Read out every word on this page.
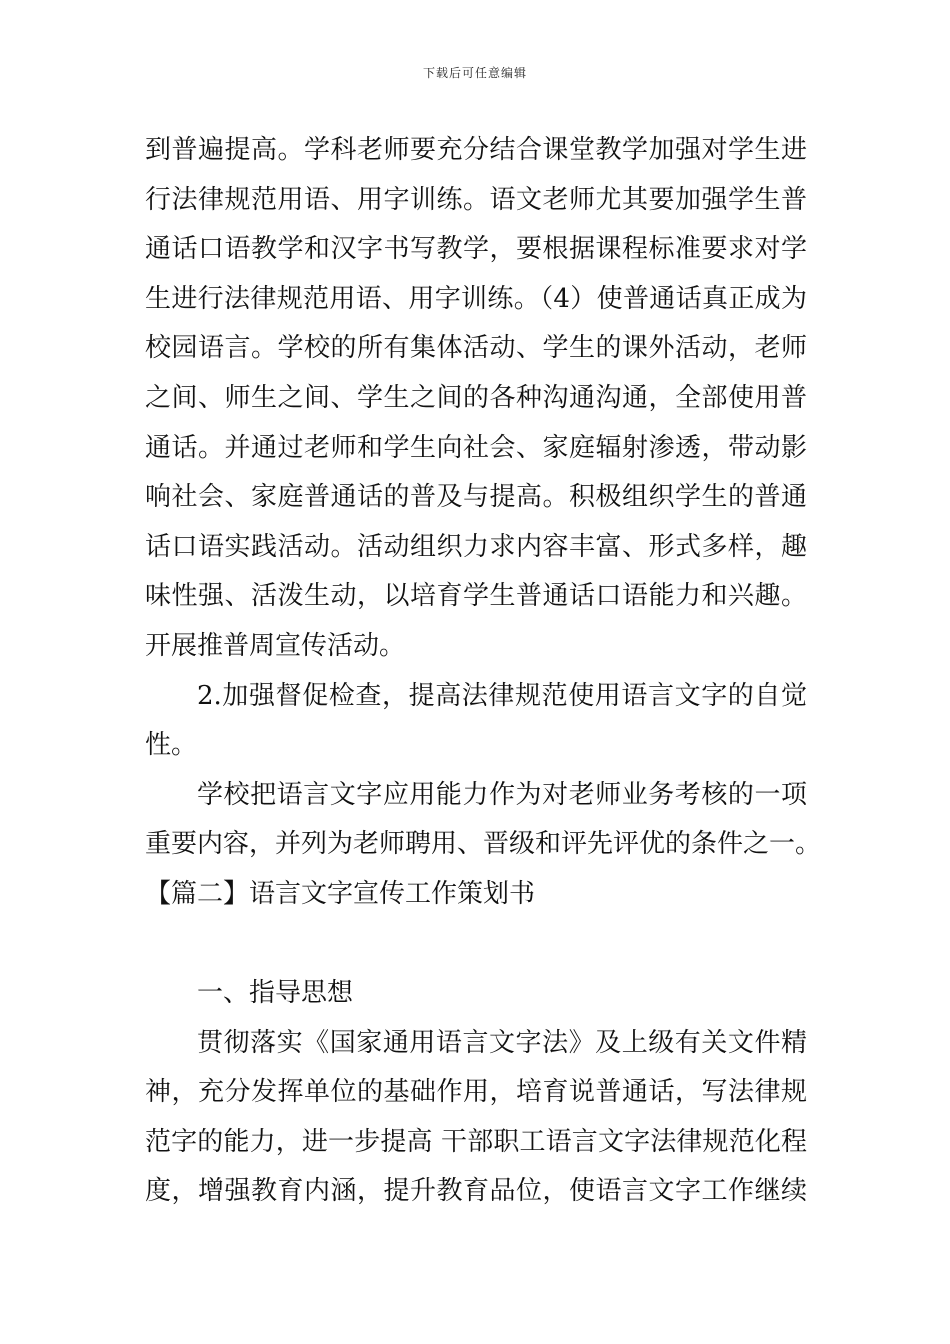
下载后可任意编辑
到普遍提高。学科老师要充分结合课堂教学加强对学生进
行法律规范用语、用字训练。语文老师尤其要加强学生普
通话口语教学和汉字书写教学，要根据课程标准要求对学
生进行法律规范用语、用字训练。（4）使普通话真正成为
校园语言。学校的所有集体活动、学生的课外活动，老师
之间、师生之间、学生之间的各种沟通沟通，全部使用普
通话。并通过老师和学生向社会、家庭辐射渗透，带动影
响社会、家庭普通话的普及与提高。积极组织学生的普通
话口语实践活动。活动组织力求内容丰富、形式多样，趣
味性强、活泼生动，以培育学生普通话口语能力和兴趣。
开展推普周宣传活动。
2.加强督促检查，提高法律规范使用语言文字的自觉
性。
学校把语言文字应用能力作为对老师业务考核的一项
重要内容，并列为老师聘用、晋级和评先评优的条件之一。
【篇二】语言文字宣传工作策划书
一、指导思想
贯彻落实《国家通用语言文字法》及上级有关文件精
神，充分发挥单位的基础作用，培育说普通话，写法律规
范字的能力，进一步提高 干部职工语言文字法律规范化程
度，增强教育内涵，提升教育品位，使语言文字工作继续
